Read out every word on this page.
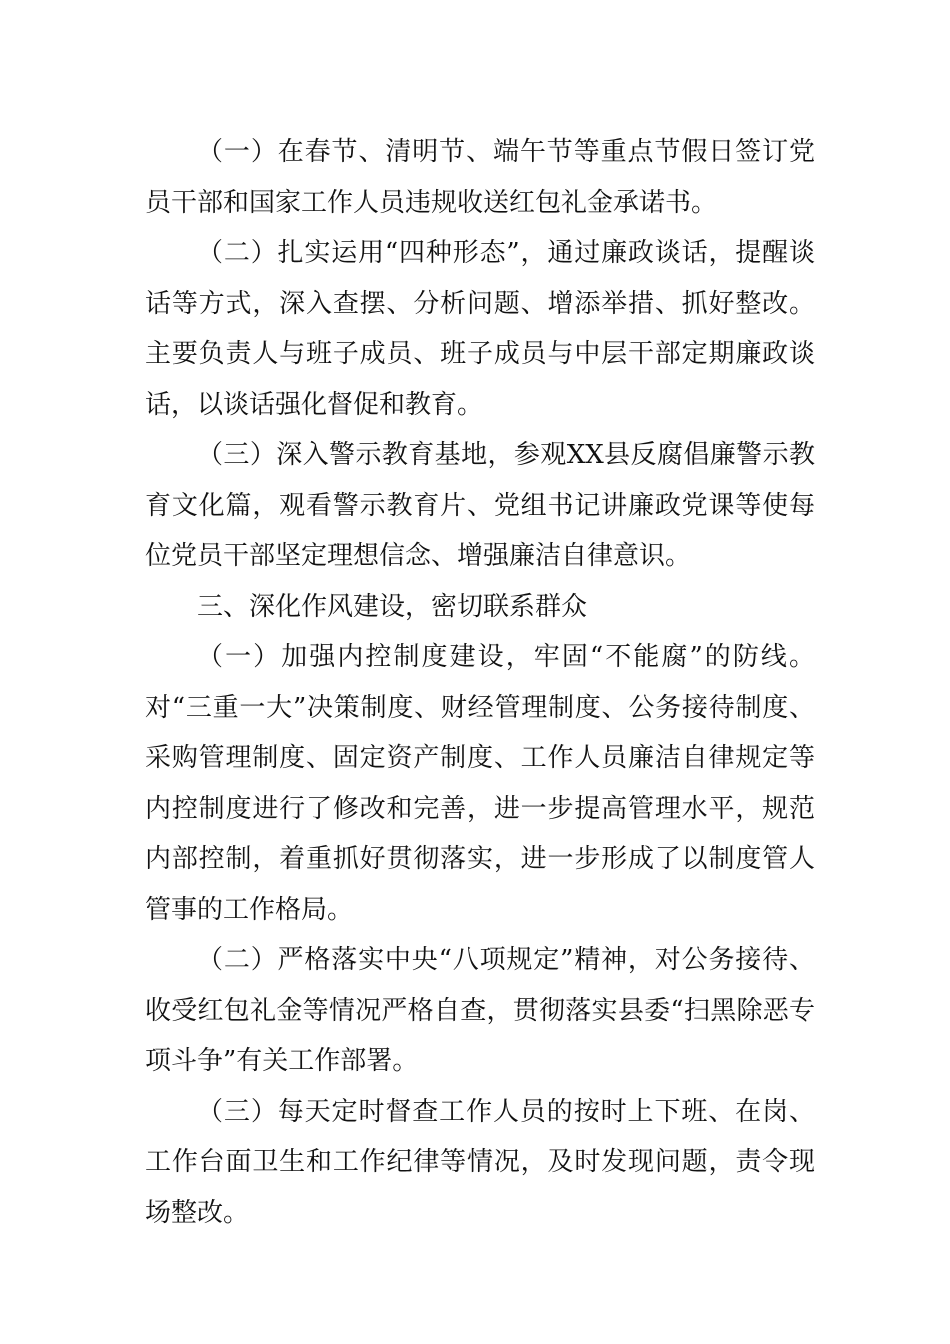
（一）在春节、清明节、端午节等重点节假日签订党员干部和国家工作人员违规收送红包礼金承诺书。

（二）扎实运用“四种形态”，通过廉政谈话，提醒谈话等方式，深入查摆、分析问题、增添举措、抓好整改。主要负责人与班子成员、班子成员与中层干部定期廉政谈话，以谈话强化督促和教育。

（三）深入警示教育基地，参观XX县反腐倡廉警示教育文化篇，观看警示教育片、党组书记讲廉政党课等使每位党员干部坚定理想信念、增强廉洁自律意识。

三、深化作风建设，密切联系群众

（一）加强内控制度建设，牢固“不能腐”的防线。对“三重一大”决策制度、财经管理制度、公务接待制度、采购管理制度、固定资产制度、工作人员廉洁自律规定等内控制度进行了修改和完善，进一步提高管理水平，规范内部控制，着重抓好贯彻落实，进一步形成了以制度管人管事的工作格局。

（二）严格落实中央“八项规定”精神，对公务接待、收受红包礼金等情况严格自查，贯彻落实县委“扫黑除恶专项斗争”有关工作部署。

（三）每天定时督查工作人员的按时上下班、在岗、工作台面卫生和工作纪律等情况，及时发现问题，责令现场整改。
